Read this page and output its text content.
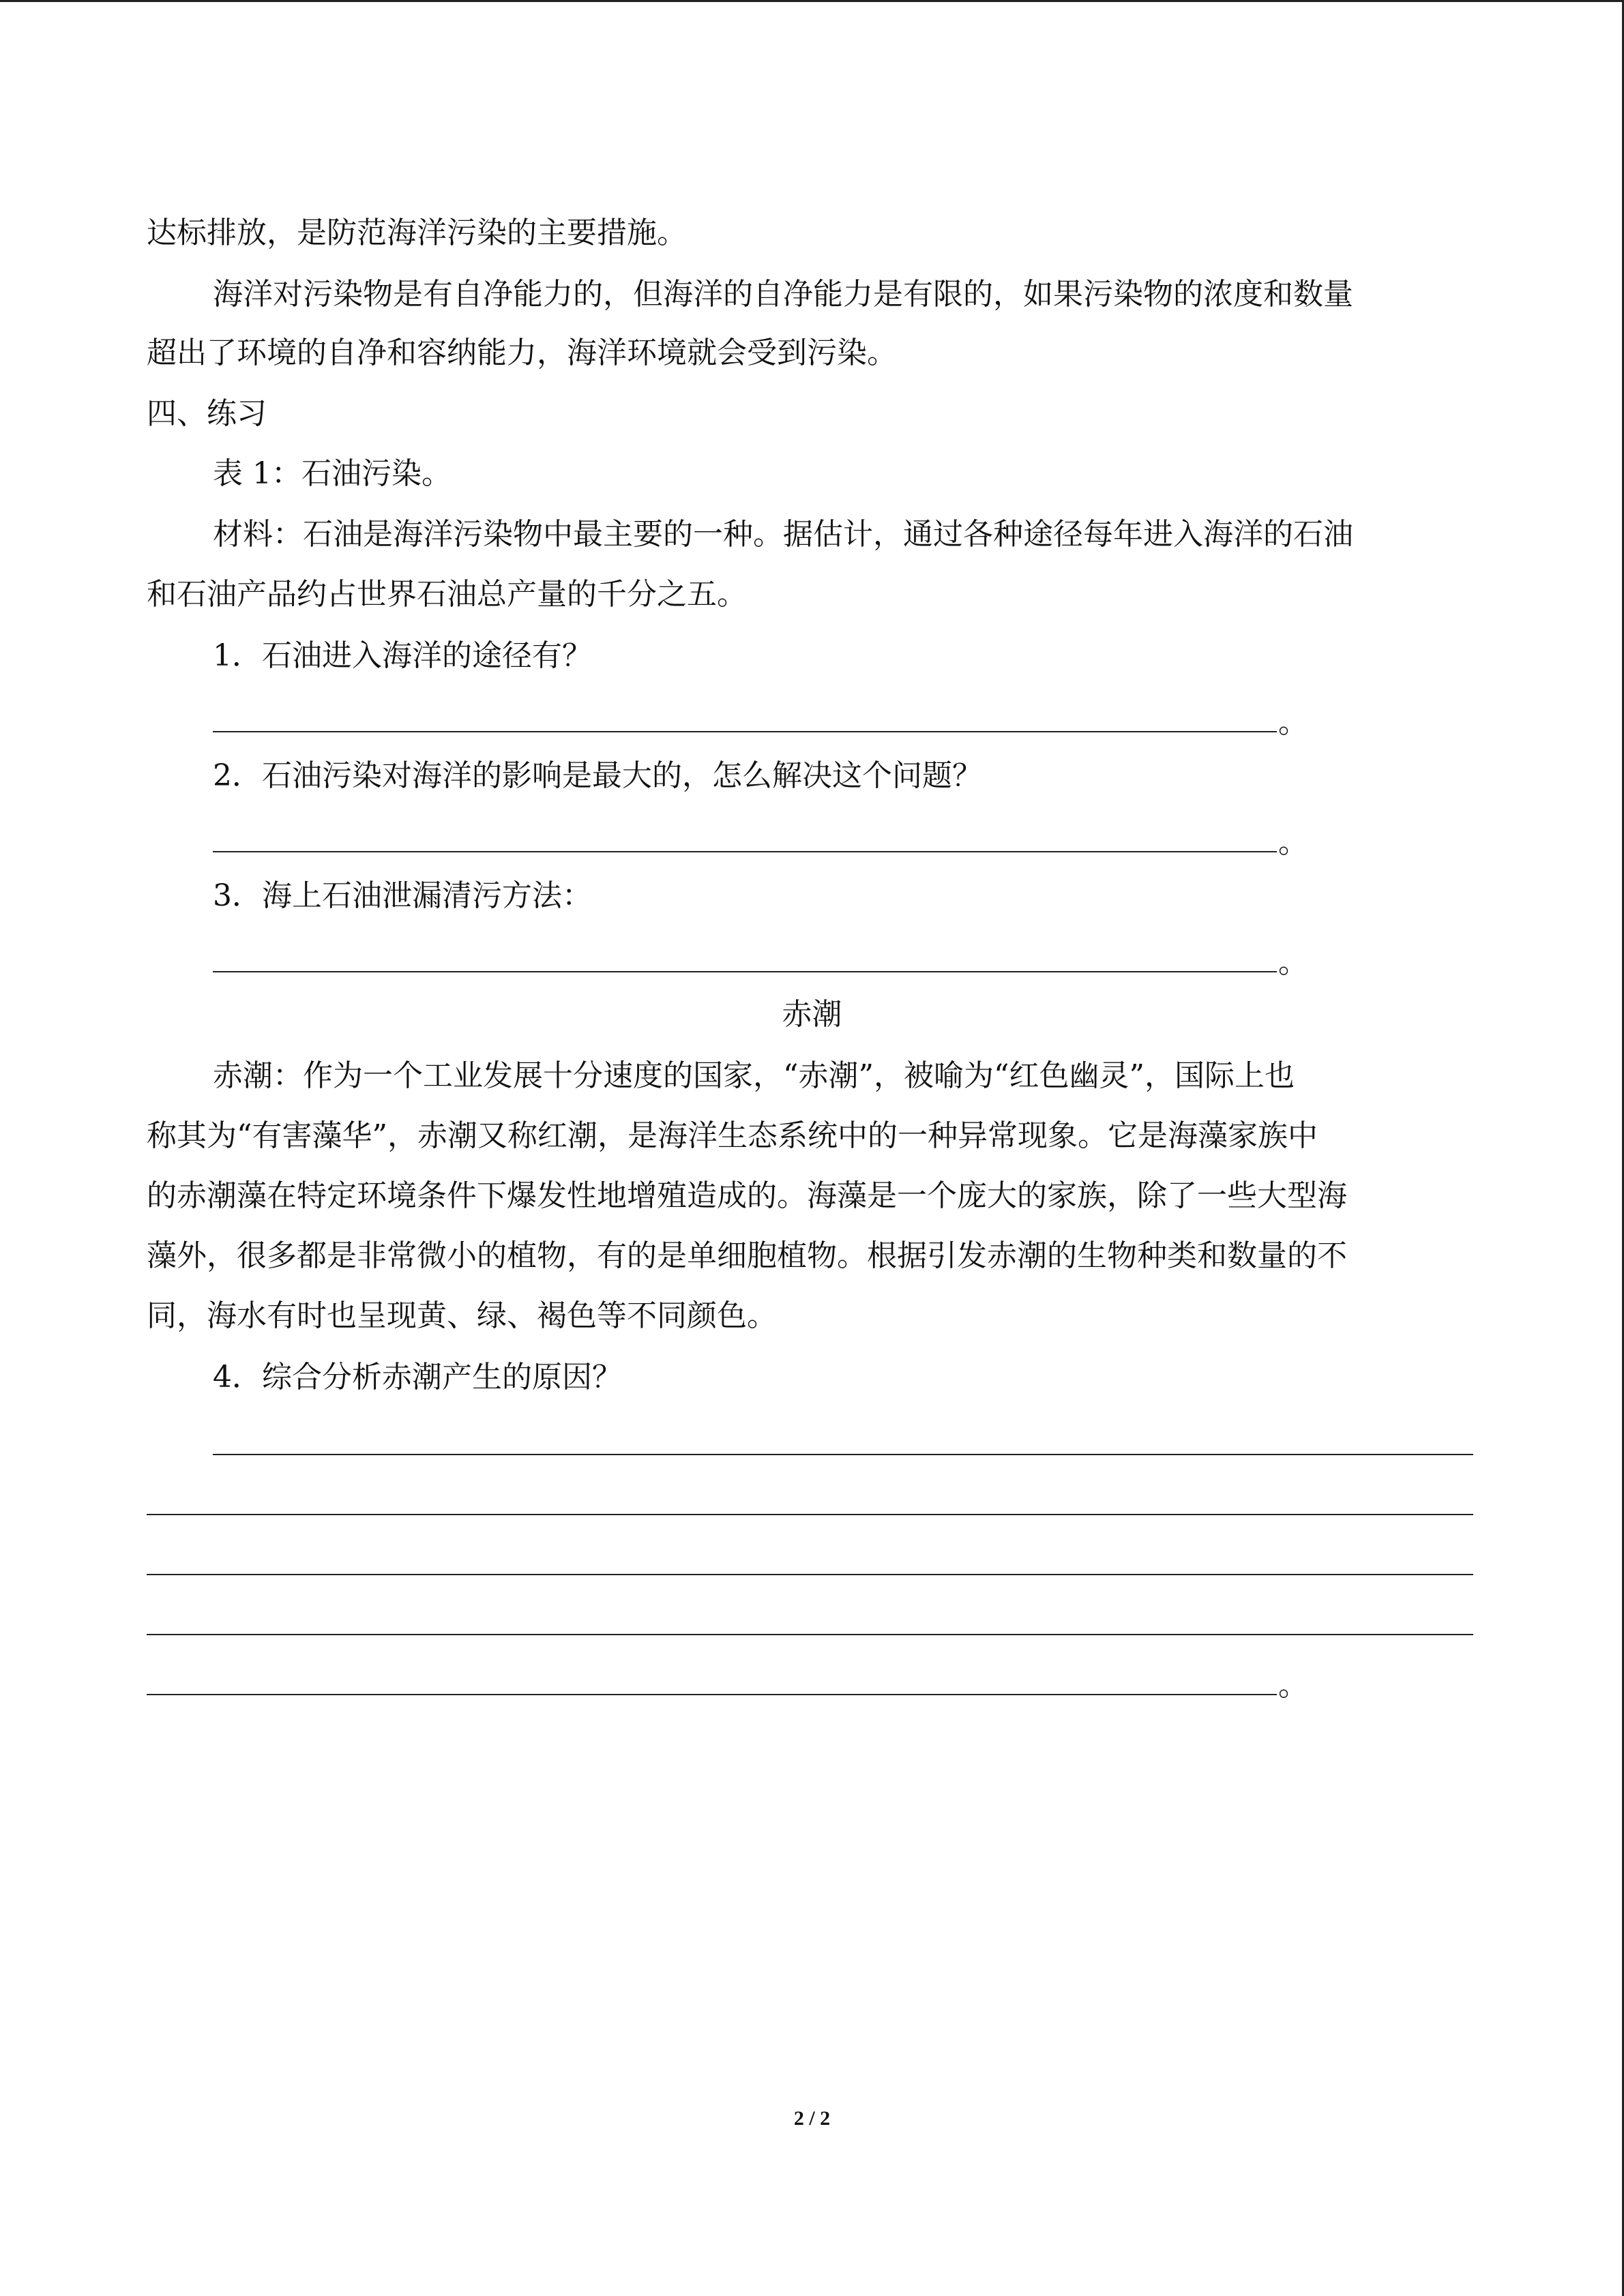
达标排放，是防范海洋污染的主要措施。
海洋对污染物是有自净能力的，但海洋的自净能力是有限的，如果污染物的浓度和数量
超出了环境的自净和容纳能力，海洋环境就会受到污染。
四、练习
表 1：石油污染。
材料：石油是海洋污染物中最主要的一种。据估计，通过各种途径每年进入海洋的石油
和石油产品约占世界石油总产量的千分之五。
1．石油进入海洋的途径有？
。
2．石油污染对海洋的影响是最大的，怎么解决这个问题？
。
3．海上石油泄漏清污方法：
。
赤潮
赤潮：作为一个工业发展十分速度的国家，“赤潮”，被喻为“红色幽灵”，国际上也
称其为“有害藻华”，赤潮又称红潮，是海洋生态系统中的一种异常现象。它是海藻家族中
的赤潮藻在特定环境条件下爆发性地增殖造成的。海藻是一个庞大的家族，除了一些大型海
藻外，很多都是非常微小的植物，有的是单细胞植物。根据引发赤潮的生物种类和数量的不
同，海水有时也呈现黄、绿、褐色等不同颜色。
4．综合分析赤潮产生的原因？
。
2 / 2
